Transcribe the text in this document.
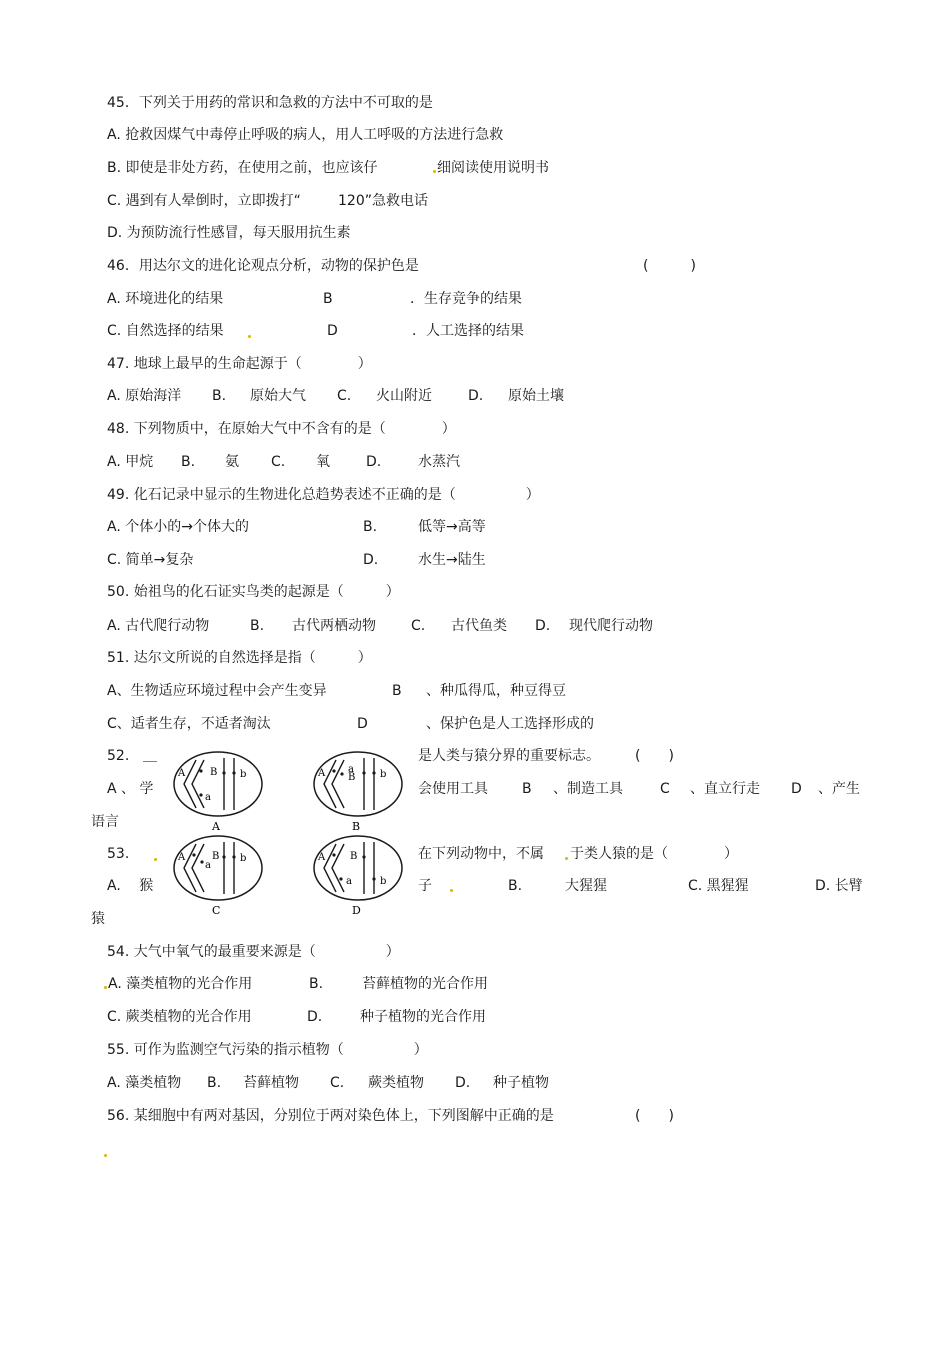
45．下列关于用药的常识和急救的方法中不可取的是
A. 抢救因煤气中毒停止呼吸的病人，用人工呼吸的方法进行急救
B. 即使是非处方药，在使用之前，也应该仔	细阅读使用说明书
C. 遇到有人晕倒时，立即拨打“	120”急救电话
D. 为预防流行性感冒，每天服用抗生素
46．用达尔文的进化论观点分析，动物的保护色是	(　　　)
A. 环境进化的结果	B	．生存竞争的结果
C. 自然选择的结果	D	．人工选择的结果
47. 地球上最早的生命起源于（　　　　）
A. 原始海洋 B. 原始大气 C. 火山附近	D. 原始土壤
48. 下列物质中，在原始大气中不含有的是（　　　　）
A. 甲烷 B. 氨 C. 氧	D.	水蒸汽
49. 化石记录中显示的生物进化总趋势表述不正确的是（　　　　　）
A. 个体小的→个体大的	B.	低等→高等
C. 简单→复杂	D.	水生→陆生
50. 始祖鸟的化石证实鸟类的起源是（　　　）
A. 古代爬行动物	B. 古代两栖动物	C. 古代鱼类 D. 现代爬行动物
51. 达尔文所说的自然选择是指（　　　）
A、生物适应环境过程中会产生变异	B 、种瓜得瓜，种豆得豆
C、适者生存，不适者淘汰	D	、保护色是人工选择形成的
52. ＿	是人类与猿分界的重要标志。	(　　)
A 、 学	会使用工具 B 、制造工具	C 、直立行走 D 、产生
语言
53.	在下列动物中，不属 于类人猿的是（　　　　）
A.　 猴	子	B.	大猩猩	C. 黑猩猩	D. 长臂
猿
A B b
a
A
A B b
a
B
A	B b
a
C
A B
b
a
D
54. 大气中氧气的最重要来源是（　　　　　）
A. 藻类植物的光合作用	B.	苔藓植物的光合作用
C. 蕨类植物的光合作用	D.	种子植物的光合作用
55. 可作为监测空气污染的指示植物（　　　　　）
A. 藻类植物 B. 苔藓植物 C. 蕨类植物 D. 种子植物
56. 某细胞中有两对基因，分别位于两对染色体上，下列图解中正确的是	(　　)
